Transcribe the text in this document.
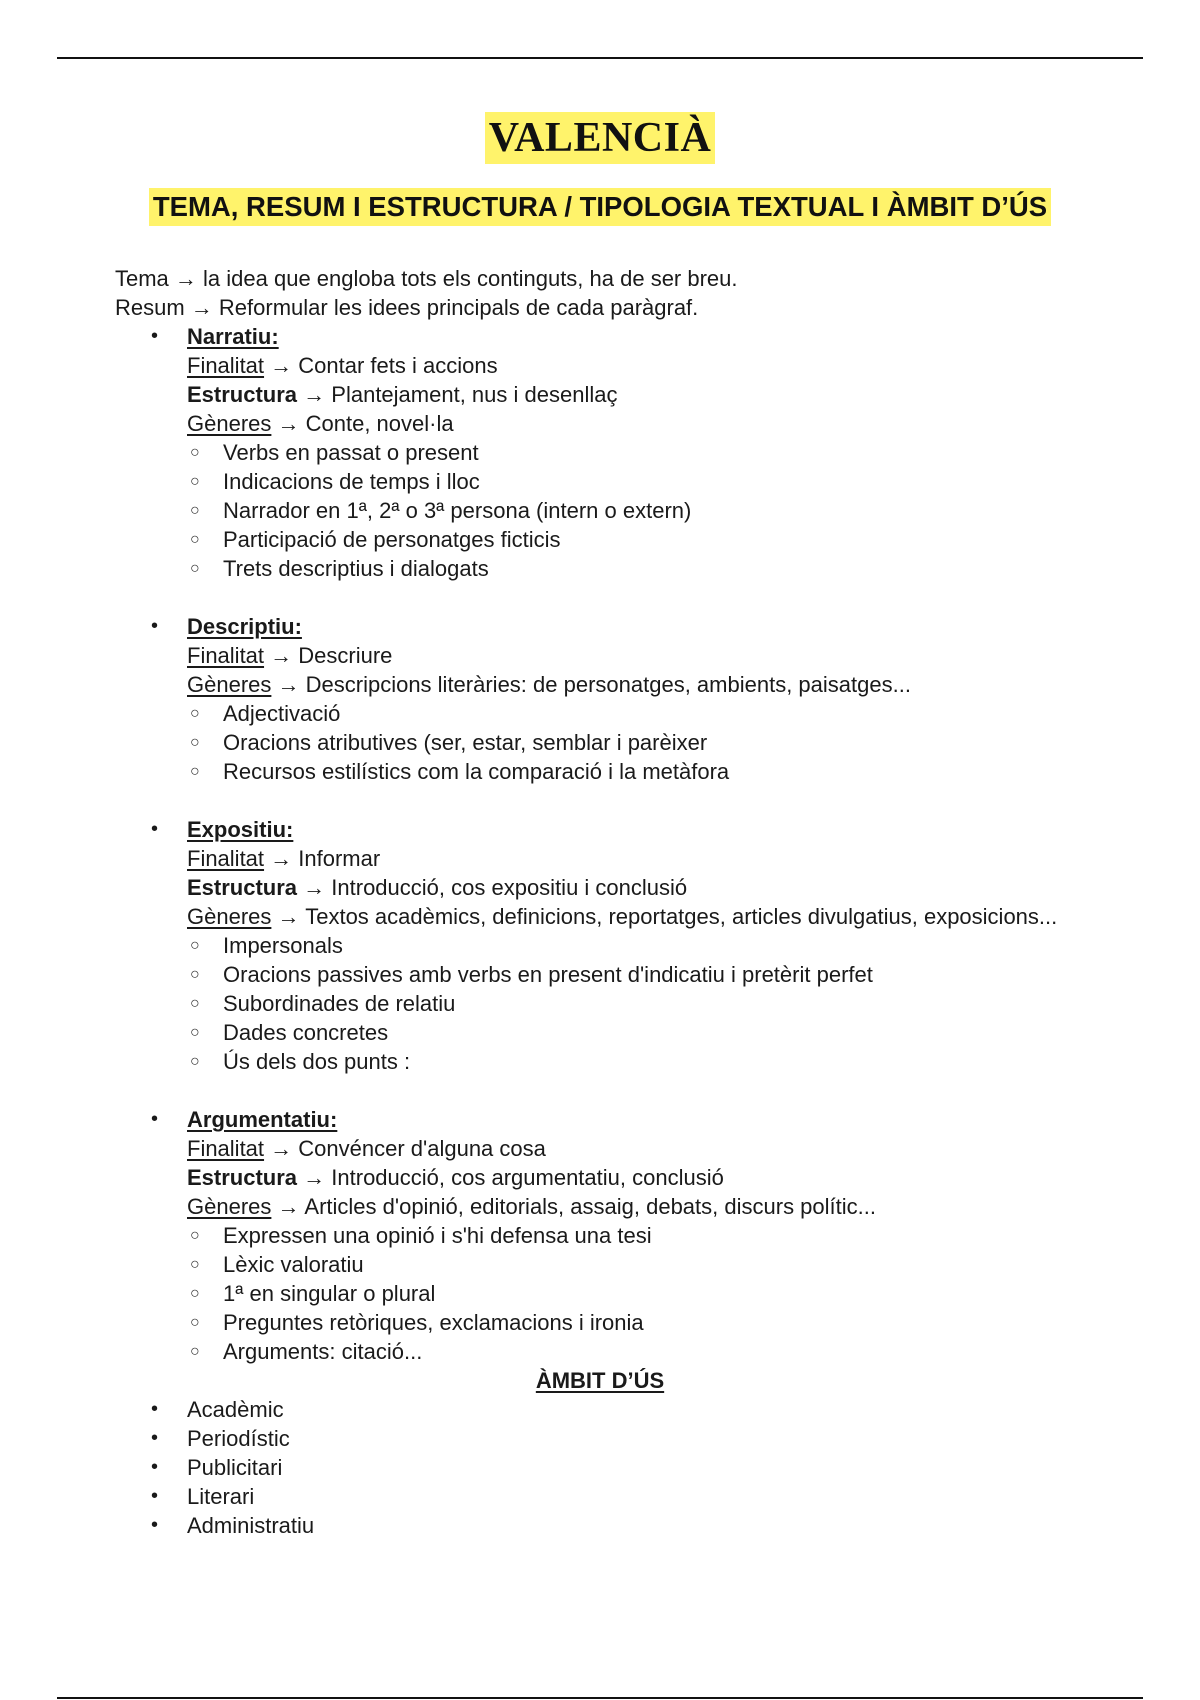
VALENCIÀ
TEMA, RESUM I ESTRUCTURA / TIPOLOGIA TEXTUAL I ÀMBIT D’ÚS
Tema → la idea que engloba tots els continguts, ha de ser breu.
Resum → Reformular les idees principals de cada paràgraf.
• Narratiu:
Finalitat → Contar fets i accions
Estructura → Plantejament, nus i desenllaç
Gèneres → Conte, novel·la
○ Verbs en passat o present
○ Indicacions de temps i lloc
○ Narrador en 1ª, 2ª o 3ª persona (intern o extern)
○ Participació de personatges ficticis
○ Trets descriptius i dialogats
• Descriptiu:
Finalitat → Descriure
Gèneres → Descripcions literàries: de personatges, ambients, paisatges...
○ Adjectivació
○ Oracions atributives (ser, estar, semblar i parèixer
○ Recursos estilístics com la comparació i la metàfora
• Expositiu:
Finalitat → Informar
Estructura → Introducció, cos expositiu i conclusió
Gèneres → Textos acadèmics, definicions, reportatges, articles divulgatius, exposicions...
○ Impersonals
○ Oracions passives amb verbs en present d'indicatiu i pretèrit perfet
○ Subordinades de relatiu
○ Dades concretes
○ Ús dels dos punts :
• Argumentatiu:
Finalitat → Convéncer d'alguna cosa
Estructura → Introducció, cos argumentatiu, conclusió
Gèneres → Articles d'opinió, editorials, assaig, debats, discurs polític...
○ Expressen una opinió i s'hi defensa una tesi
○ Lèxic valoratiu
○ 1ª en singular o plural
○ Preguntes retòriques, exclamacions i ironia
○ Arguments: citació...
ÀMBIT D’ÚS
• Acadèmic
• Periodístic
• Publicitari
• Literari
• Administratiu
